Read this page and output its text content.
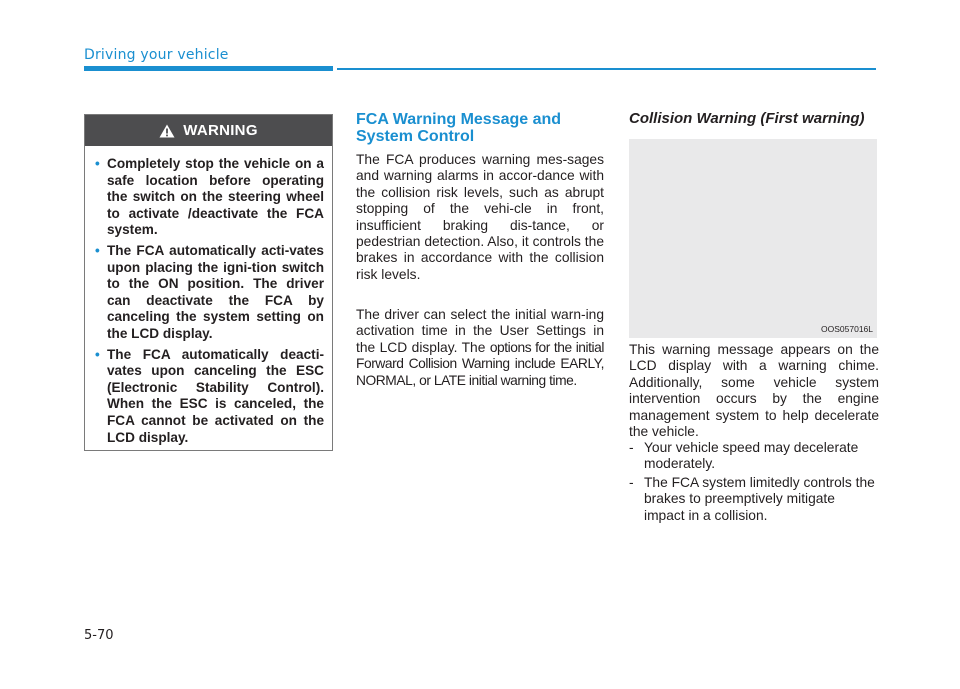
Driving your vehicle
WARNING
• Completely stop the vehicle on a safe location before operating the switch on the steering wheel to activate /deactivate the FCA system.
• The FCA automatically acti-vates upon placing the igni-tion switch to the ON position. The driver can deactivate the FCA by canceling the system setting on the LCD display.
• The FCA automatically deacti-vates upon canceling the ESC (Electronic Stability Control). When the ESC is canceled, the FCA cannot be activated on the LCD display.
FCA Warning Message and System Control

The FCA produces warning mes-sages and warning alarms in accor-dance with the collision risk levels, such as abrupt stopping of the vehi-cle in front, insufficient braking dis-tance, or pedestrian detection. Also, it controls the brakes in accordance with the collision risk levels.

The driver can select the initial warn-ing activation time in the User Settings in the LCD display. The options for the initial Forward Collision Warning include EARLY, NORMAL, or LATE initial warning time.

Collision Warning (First warning)
OOS057016L

This warning message appears on the LCD display with a warning chime. Additionally, some vehicle system intervention occurs by the engine management system to help decelerate the vehicle.

- Your vehicle speed may decelerate moderately.
- The FCA system limitedly controls the brakes to preemptively mitigate impact in a collision.
5-70
